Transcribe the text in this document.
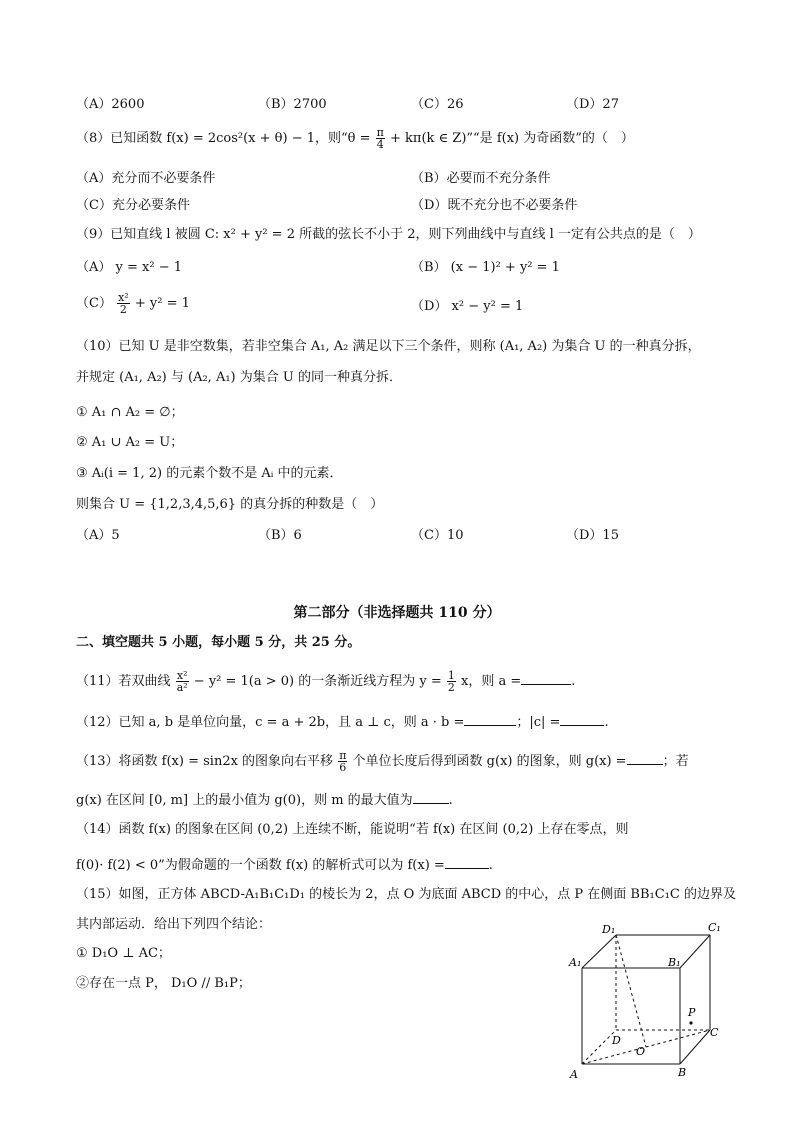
（A）2600	（B）2700	（C）26	（D）27
（8）已知函数 f(x) = 2cos²(x + θ) − 1，则“$\theta = \frac{\pi}{4} + k\pi(k$ ∈ Z)”“是 f(x) 为奇函数”的（　）
（A）充分而不必要条件	（B）必要而不充分条件
（C）充分必要条件	（D）既不充分也不必要条件
（9）已知直线 l 被圆 C: x² + y² = 2 所截的弦长不小于 2，则下列曲线中与直线 l 一定有公共点的是（　）
（A） y = x² − 1	（B） (x − 1)² + y² = 1
$(C) \frac{\text{x²}}{2} + y^2 = 1$	（D） x² − y² = 1
（10）已知 U 是非空数集，若非空集合 A₁, A₂ 满足以下三个条件，则称 (A₁, A₂) 为集合 U 的一种真分拆，
并规定 (A₁, A₂) 与 (A₂, A₁) 为集合 U 的同一种真分拆．
① A₁ ∩ A₂ = ∅；
② A₁ ∪ A₂ = U；
③ Aᵢ(i = 1, 2) 的元素个数不是 Aᵢ 中的元素．
则集合 U = {1,2,3,4,5,6} 的真分拆的种数是（　）
（A）5	（B）6	（C）10	（D）15
第二部分（非选择题共 110 分）
二、填空题共 5 小题，每小题 5 分，共 25 分。
（11）若双曲线 $\frac{\text{x²}}{\text{a²}} - y^2 = 1(a > 0)$ 的一条渐近线方程为 $y = \frac{1}{2}$ x，则 a =	.
（12）已知 a, b 是单位向量，c = a + 2b，且 a ⊥ c，则 a · b =	；|c| =	.
（13）将函数 f(x) = sin2x 的图象向右平移 $\frac{\pi}{6}$ 个单位长度后得到函数 g(x) 的图象，则 g(x) =	；若
g(x) 在区间 [0, m] 上的最小值为 g(0)，则 m 的最大值为	.
（14）函数 f(x) 的图象在区间 (0,2) 上连续不断，能说明“若 f(x) 在区间 (0,2) 上存在零点，则
f(0)· f(2) < 0”为假命题的一个函数 f(x) 的解析式可以为 f(x) =	.
（15）如图，正方体 ABCD-A₁B₁C₁D₁ 的棱长为 2，点 O 为底面 ABCD 的中心，点 P 在侧面 BB₁C₁C 的边界及
其内部运动．给出下列四个结论：
① D₁O ⊥ AC；
②存在一点 P， D₁O // B₁P；
A	B
C
D
A₁	B₁
C₁
D₁
O
P
